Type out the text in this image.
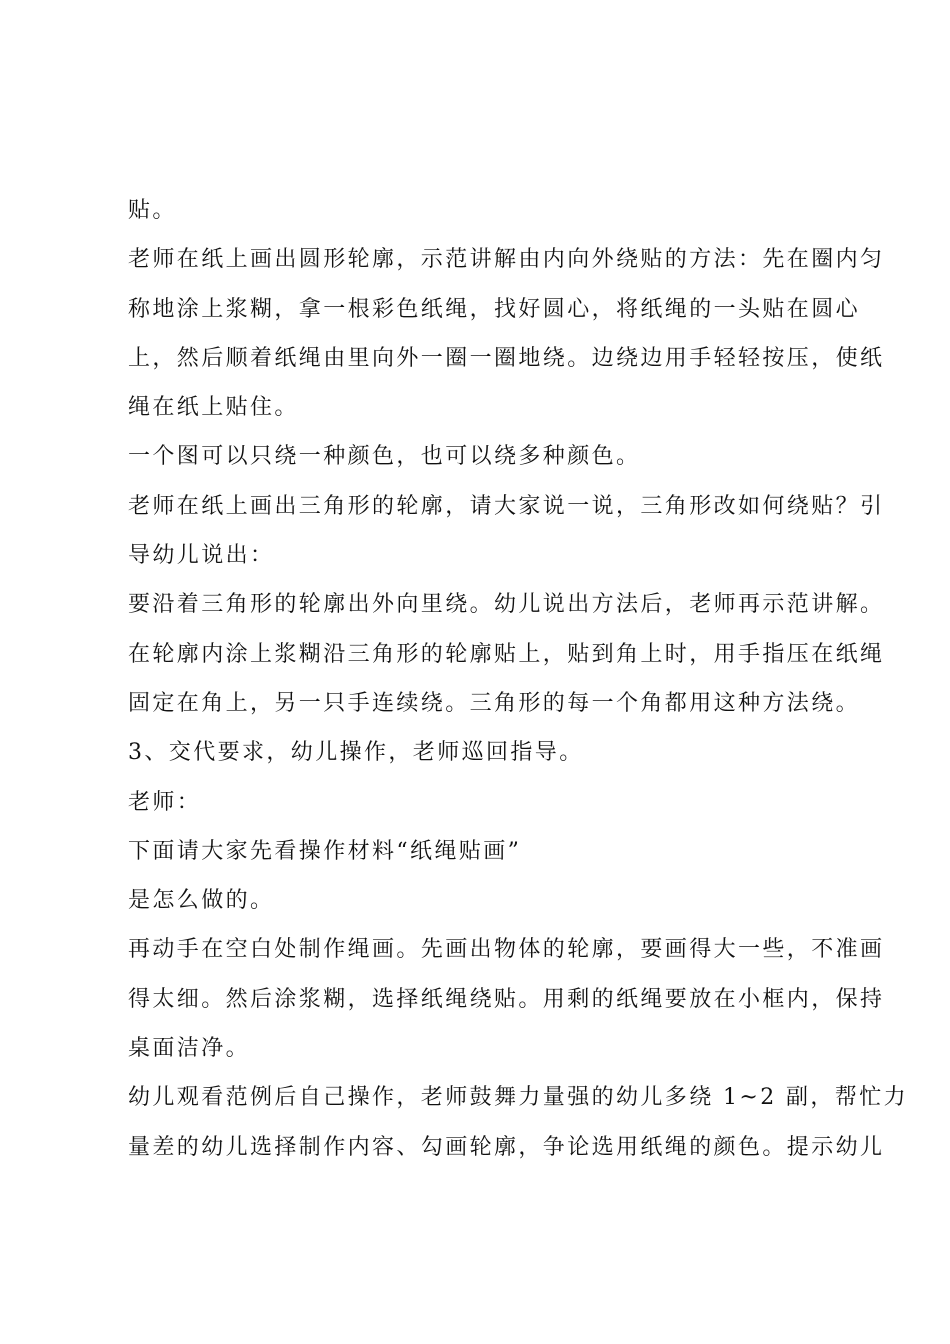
贴。
老师在纸上画出圆形轮廓，示范讲解由内向外绕贴的方法：先在圈内匀
称地涂上浆糊，拿一根彩色纸绳，找好圆心，将纸绳的一头贴在圆心
上，然后顺着纸绳由里向外一圈一圈地绕。边绕边用手轻轻按压，使纸
绳在纸上贴住。
一个图可以只绕一种颜色，也可以绕多种颜色。
老师在纸上画出三角形的轮廓，请大家说一说，三角形改如何绕贴？引
导幼儿说出：
要沿着三角形的轮廓出外向里绕。幼儿说出方法后，老师再示范讲解。
在轮廓内涂上浆糊沿三角形的轮廓贴上，贴到角上时，用手指压在纸绳
固定在角上，另一只手连续绕。三角形的每一个角都用这种方法绕。
3、交代要求，幼儿操作，老师巡回指导。
老师：
下面请大家先看操作材料“纸绳贴画”
是怎么做的。
再动手在空白处制作绳画。先画出物体的轮廓，要画得大一些，不准画
得太细。然后涂浆糊，选择纸绳绕贴。用剩的纸绳要放在小框内，保持
桌面洁净。
幼儿观看范例后自己操作，老师鼓舞力量强的幼儿多绕 1~2 副，帮忙力
量差的幼儿选择制作内容、勾画轮廓，争论选用纸绳的颜色。提示幼儿
